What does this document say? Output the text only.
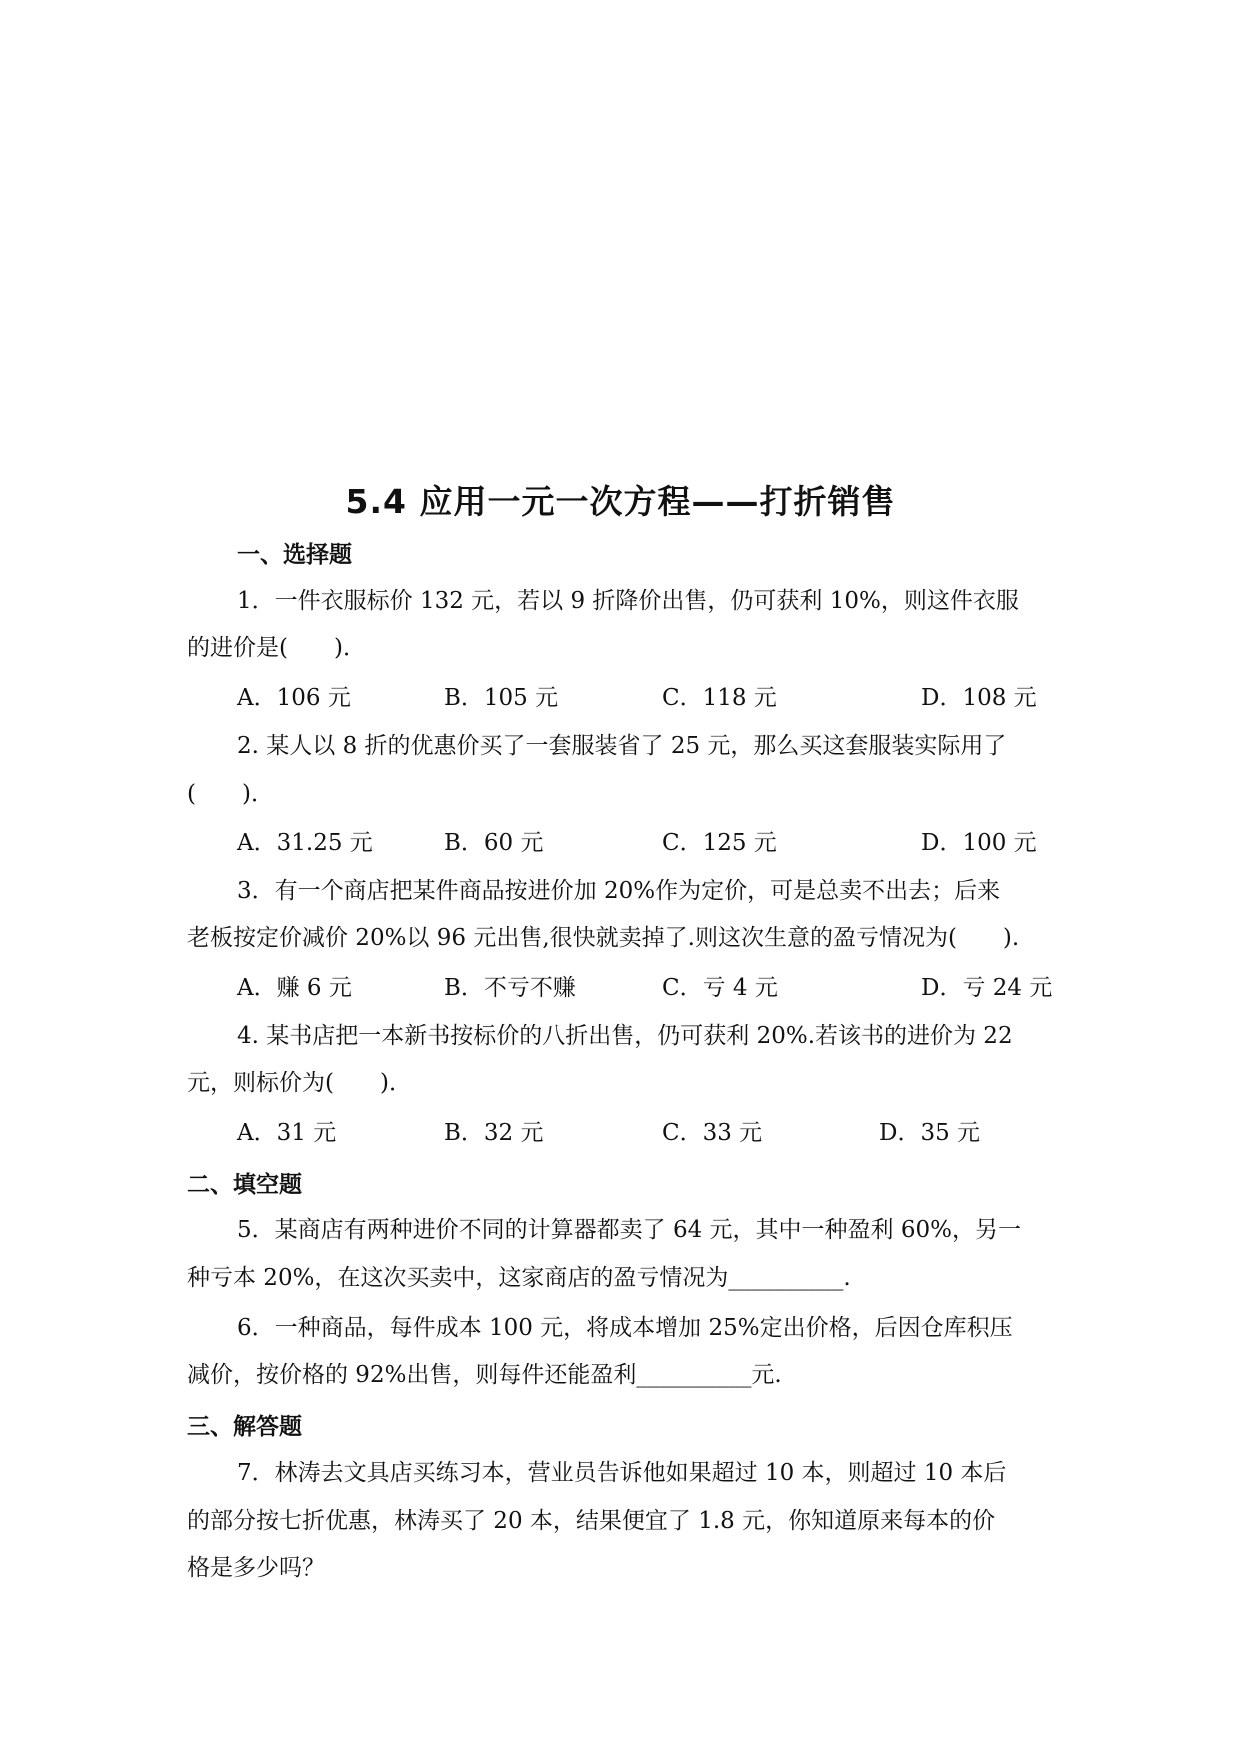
5.4 应用一元一次方程——打折销售
一、选择题
1．一件衣服标价 132 元，若以 9 折降价出售，仍可获利 10%，则这件衣服
的进价是(　　)．
A．106 元	B．105 元	C．118 元	D．108 元
2. 某人以 8 折的优惠价买了一套服装省了 25 元，那么买这套服装实际用了
(　　)．
A．31.25 元	B．60 元	C．125 元	D．100 元
3．有一个商店把某件商品按进价加 20%作为定价，可是总卖不出去；后来
老板按定价减价 20%以 96 元出售,很快就卖掉了.则这次生意的盈亏情况为(　　).
A．赚 6 元	B．不亏不赚	C．亏 4 元	D．亏 24 元
4. 某书店把一本新书按标价的八折出售，仍可获利 20%.若该书的进价为 22
元，则标价为(　　)．
A．31 元	B．32 元	C．33 元	D．35 元
二、填空题
5．某商店有两种进价不同的计算器都卖了 64 元，其中一种盈利 60%，另一
种亏本 20%，在这次买卖中，这家商店的盈亏情况为__________.
6．一种商品，每件成本 100 元，将成本增加 25%定出价格，后因仓库积压
减价，按价格的 92%出售，则每件还能盈利__________元.
三、解答题
7．林涛去文具店买练习本，营业员告诉他如果超过 10 本，则超过 10 本后
的部分按七折优惠，林涛买了 20 本，结果便宜了 1.8 元，你知道原来每本的价
格是多少吗？
